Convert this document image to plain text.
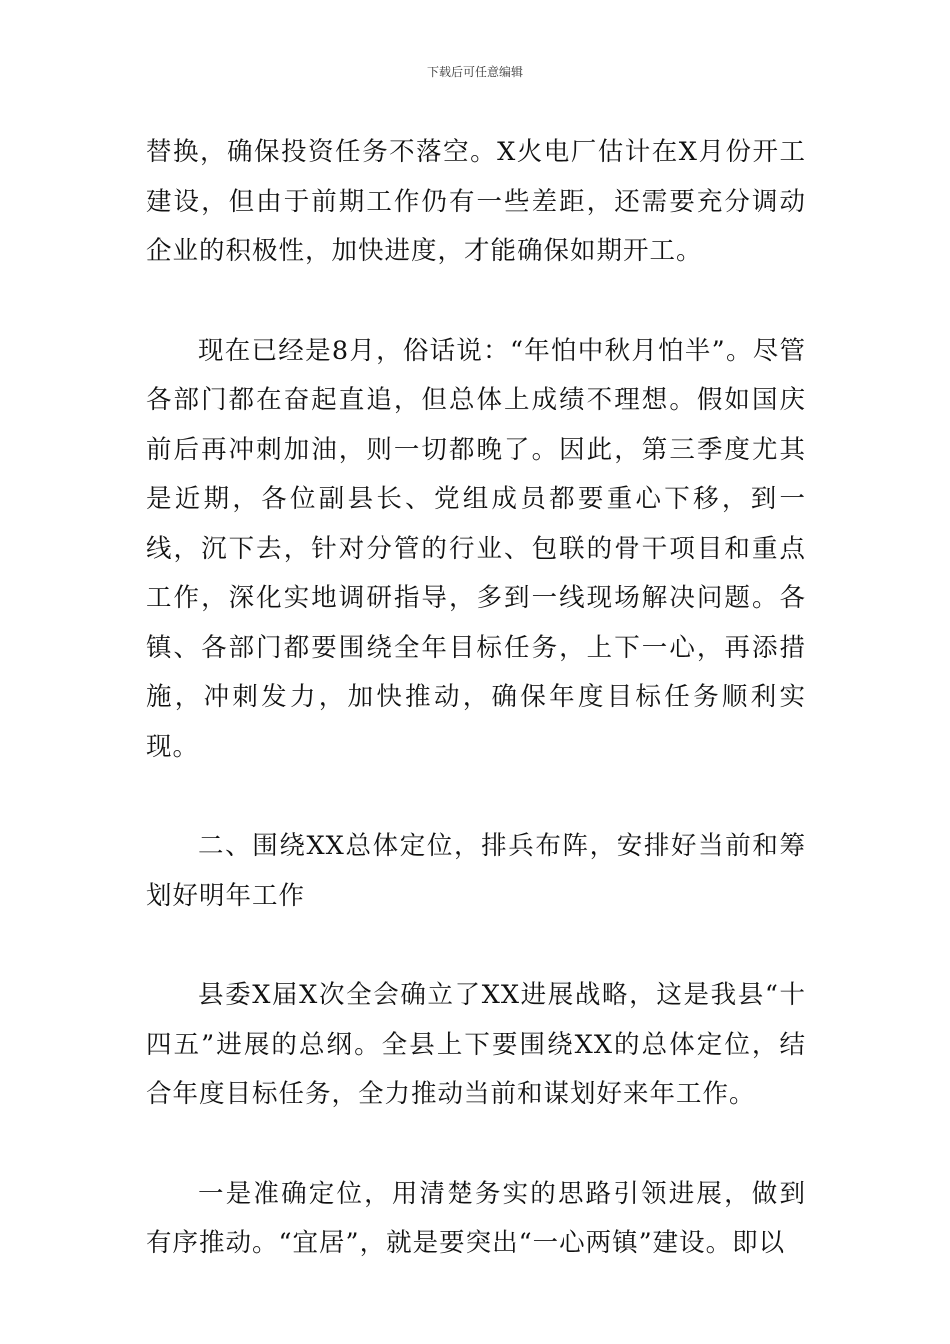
下载后可任意编辑

替换，确保投资任务不落空。X火电厂估计在X月份开工建设，但由于前期工作仍有一些差距，还需要充分调动企业的积极性，加快进度，才能确保如期开工。

现在已经是8月，俗话说：“年怕中秋月怕半”。尽管各部门都在奋起直追，但总体上成绩不理想。假如国庆前后再冲刺加油，则一切都晚了。因此，第三季度尤其是近期，各位副县长、党组成员都要重心下移，到一线，沉下去，针对分管的行业、包联的骨干项目和重点工作，深化实地调研指导，多到一线现场解决问题。各镇、各部门都要围绕全年目标任务，上下一心，再添措施，冲刺发力，加快推动，确保年度目标任务顺利实现。

二、围绕XX总体定位，排兵布阵，安排好当前和筹划好明年工作

县委X届X次全会确立了XX进展战略，这是我县“十四五”进展的总纲。全县上下要围绕XX的总体定位，结合年度目标任务，全力推动当前和谋划好来年工作。

一是准确定位，用清楚务实的思路引领进展，做到有序推动。“宜居”，就是要突出“一心两镇”建设。即以
